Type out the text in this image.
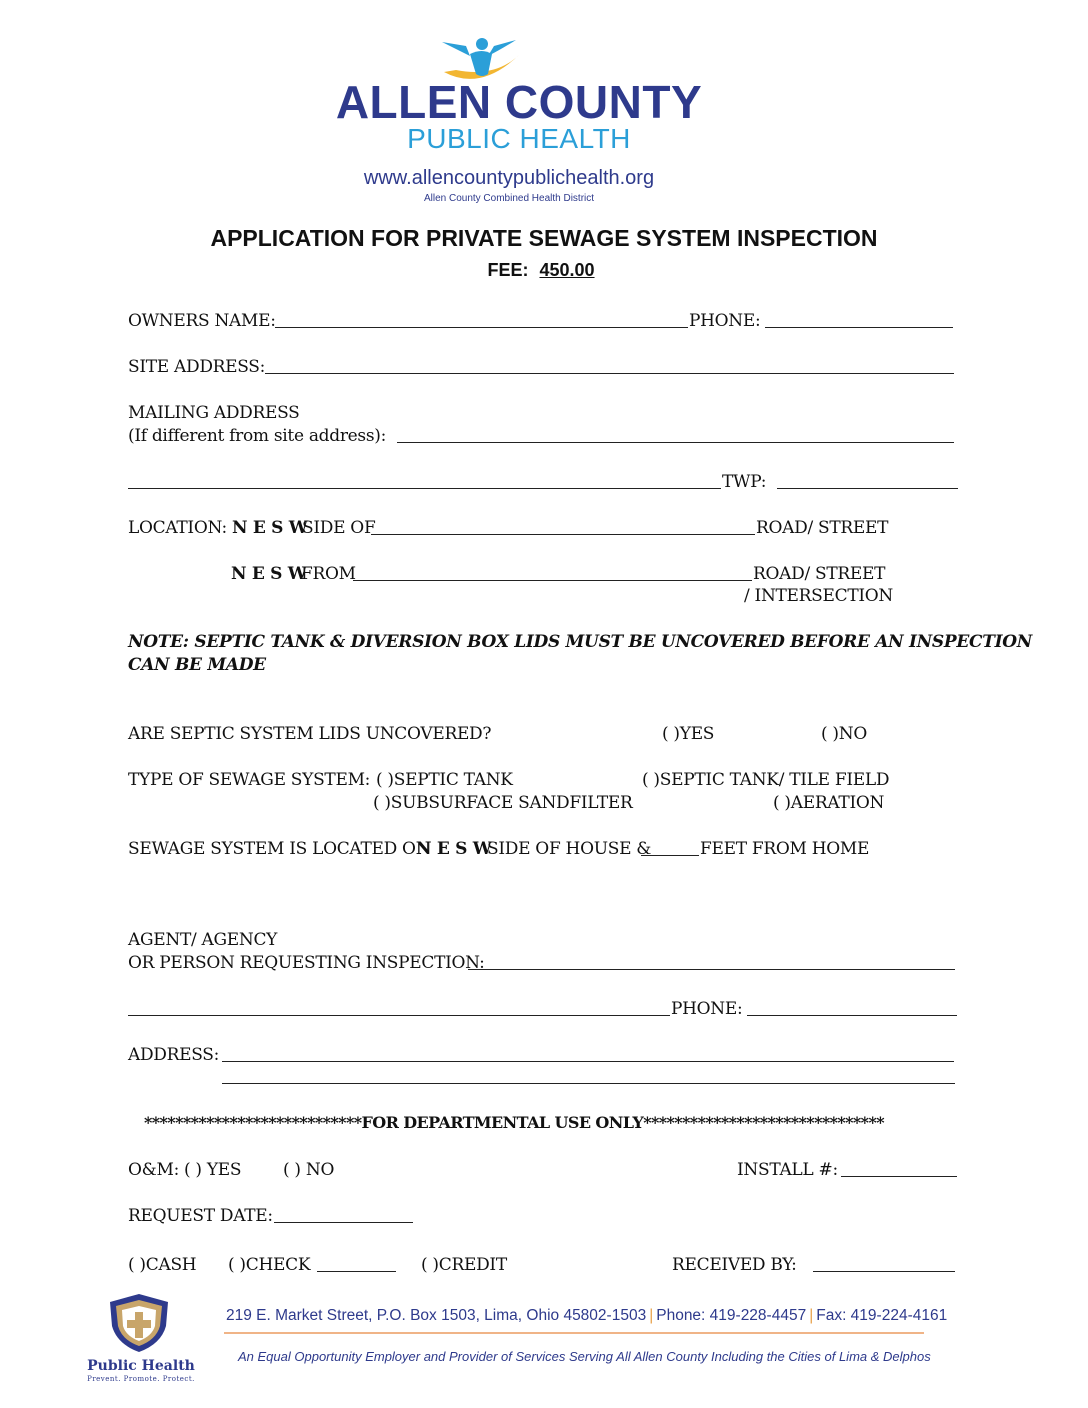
ALLEN COUNTY
PUBLIC HEALTH
www.allencountypublichealth.org
Allen County Combined Health District
APPLICATION FOR PRIVATE SEWAGE SYSTEM INSPECTION
FEE: 450.00
OWNERS NAME:	PHONE:
SITE ADDRESS:
MAILING ADDRESS
(If different from site address):
TWP:
LOCATION: N E S W
SIDE OF	ROAD/ STREET
N E S W
FROM	ROAD/ STREET
/ INTERSECTION
NOTE: SEPTIC TANK & DIVERSION BOX LIDS MUST BE UNCOVERED BEFORE AN INSPECTION
CAN BE MADE
ARE SEPTIC SYSTEM LIDS UNCOVERED?	( )YES	( )NO
TYPE OF SEWAGE SYSTEM: ( )SEPTIC TANK	( )SEPTIC TANK/ TILE FIELD
( )SUBSURFACE SANDFILTER	( )AERATION
SEWAGE SYSTEM IS LOCATED ON
N E S W
SIDE OF HOUSE &	FEET FROM HOME
AGENT/ AGENCY
OR PERSON REQUESTING INSPECTION:
PHONE:
ADDRESS:
****************************FOR DEPARTMENTAL USE ONLY*******************************
O&M: ( ) YES ( ) NO	INSTALL #:
REQUEST DATE:
( )CASH ( )CHECK	( )CREDIT	RECEIVED BY:
Public Health
Prevent. Promote. Protect.
219 E. Market Street, P.O. Box 1503, Lima, Ohio 45802-1503 | Phone: 419-228-4457 | Fax: 419-224-4161
An Equal Opportunity Employer and Provider of Services Serving All Allen County Including the Cities of Lima & Delphos
